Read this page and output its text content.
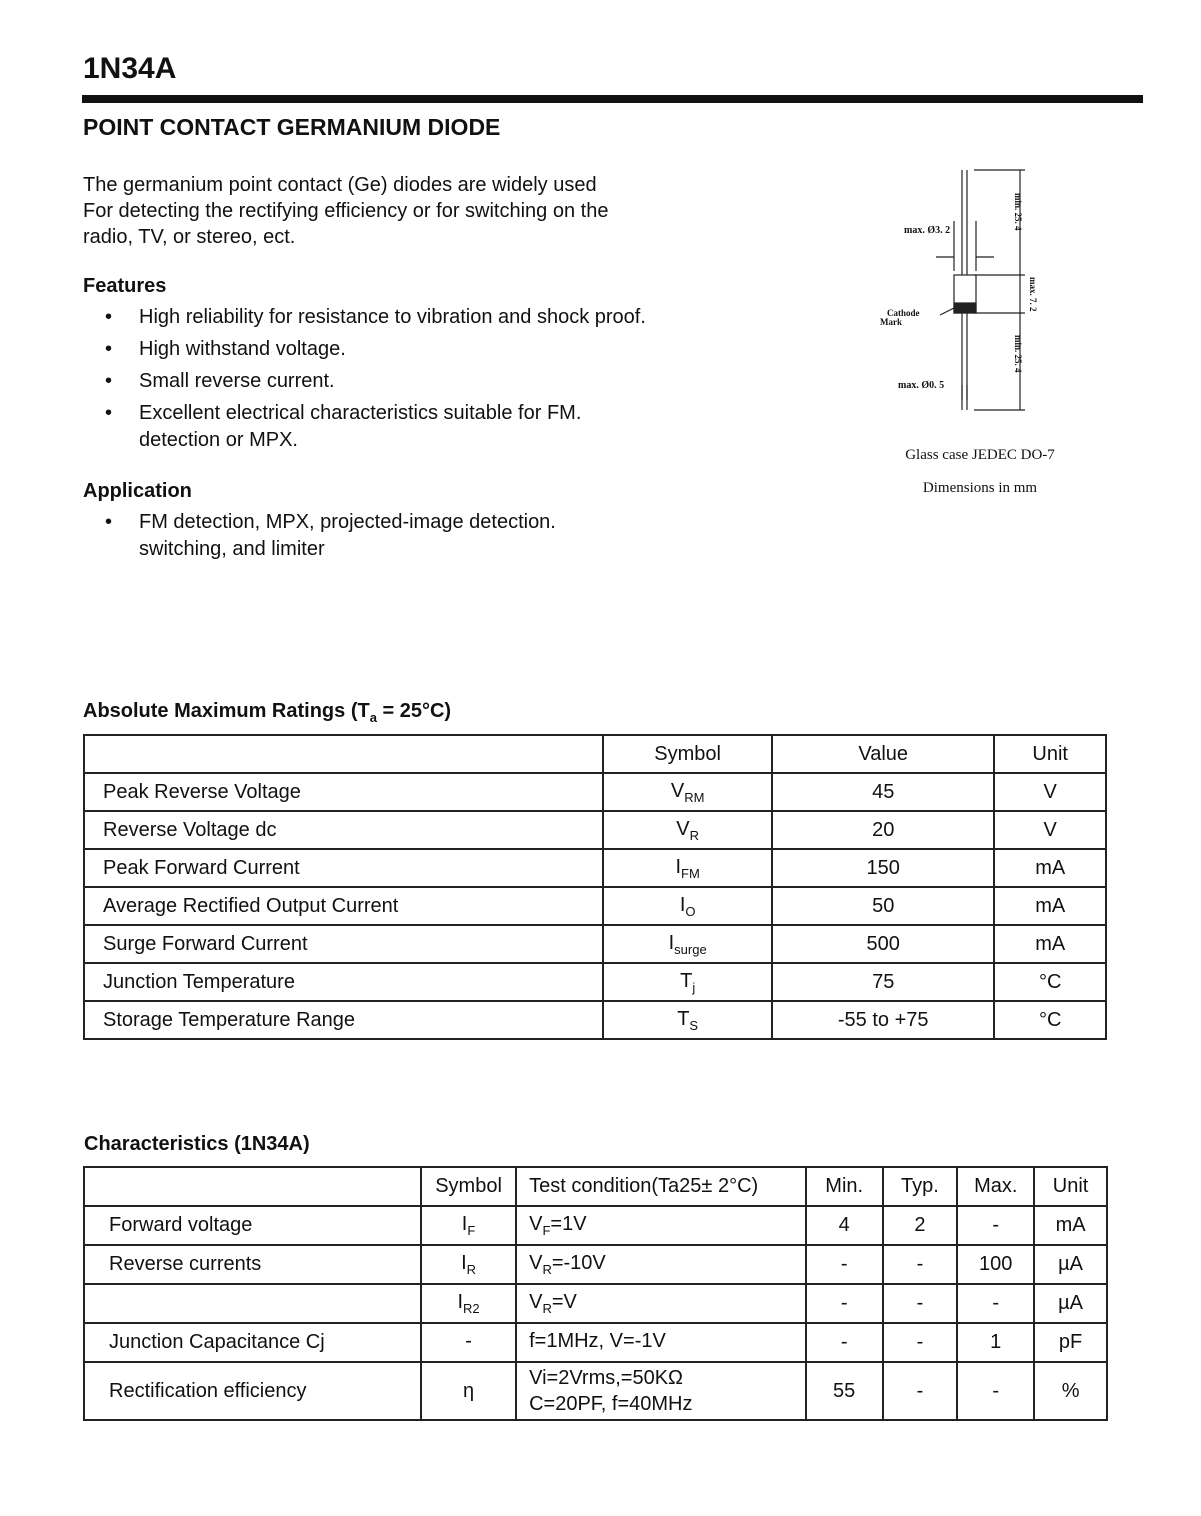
1N34A
POINT CONTACT GERMANIUM DIODE
The germanium point contact (Ge) diodes are widely used
For detecting the rectifying efficiency or for switching on the
radio, TV, or stereo, ect.
Features
• High reliability for resistance to vibration and shock proof.
• High withstand voltage.
• Small reverse current.
• Excellent electrical characteristics suitable for FM.
detection or MPX.
Application
• FM detection, MPX, projected-image detection.
switching, and limiter
max. Ø3. 2
Cathode
Mark
max. Ø0. 5
min. 25. 4
max. 7. 2
min. 25. 4
Glass case JEDEC DO-7
Dimensions in mm
Absolute Maximum Ratings $(T_a = 25^\circ C)$
	Symbol	Value	Unit
Peak Reverse Voltage	$V_{RM}$	45	V
Reverse Voltage dc	$V_R$	20	V
Peak Forward Current	$I_{FM}$	150	mA
Average Rectified Output Current	$I_O$	50	mA
Surge Forward Current	$I_{surge}$	500	mA
Junction Temperature	$T_j$	75	°C
Storage Temperature Range	$T_S$	-55 to +75	°C
Characteristics (1N34A)
	Symbol	Test condition(Ta25± 2°C)	Min.	Typ.	Max.	Unit
Forward voltage	$I_F$	$V_F=1V$	4	2	-	mA
Reverse currents	$I_R$	$V_R=-10V$	-	-	100	µA
	$I_{R2}$	$V_R=V$	-	-	-	µA
Junction Capacitance Cj	-	f=1MHz, V=-1V	-	-	1	pF
Rectification efficiency	η	Vi=2Vrms,=50KΩ
C=20PF, f=40MHz	55	-	-	%
